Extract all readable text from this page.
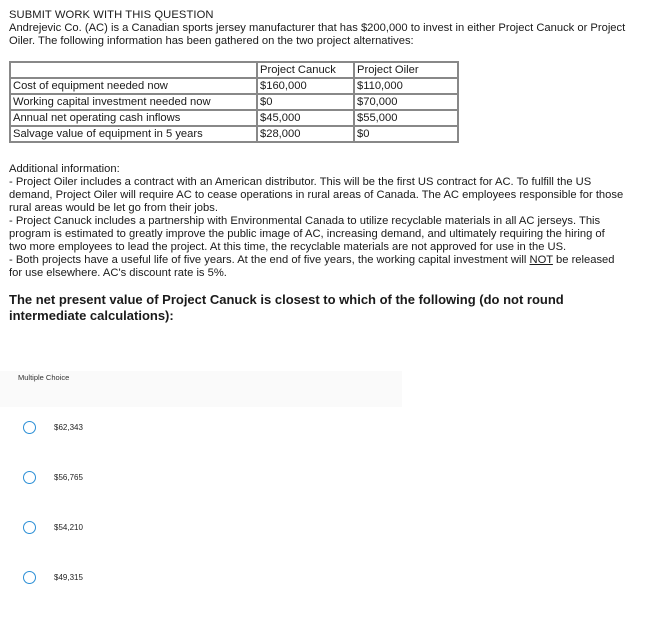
SUBMIT WORK WITH THIS QUESTION
Andrejevic Co. (AC) is a Canadian sports jersey manufacturer that has $200,000 to invest in either Project Canuck or Project
Oiler. The following information has been gathered on the two project alternatives:
	Project Canuck	Project Oiler
Cost of equipment needed now	$160,000	$110,000
Working capital investment needed now	$0	$70,000
Annual net operating cash inflows	$45,000	$55,000
Salvage value of equipment in 5 years	$28,000	$0

Additional information:

- Project Oiler includes a contract with an American distributor. This will be the first US contract for AC. To fulfill the US

demand, Project Oiler will require AC to cease operations in rural areas of Canada. The AC employees responsible for those

rural areas would be let go from their jobs.

- Project Canuck includes a partnership with Environmental Canada to utilize recyclable materials in all AC jerseys. This

program is estimated to greatly improve the public image of AC, increasing demand, and ultimately requiring the hiring of

two more employees to lead the project. At this time, the recyclable materials are not approved for use in the US.

- Both projects have a useful life of five years. At the end of five years, the working capital investment will NOT be released

for use elsewhere. AC's discount rate is 5%.

The net present value of Project Canuck is closest to which of the following (do not round
intermediate calculations):
Multiple Choice
$62,343
$56,765
$54,210
$49,315
